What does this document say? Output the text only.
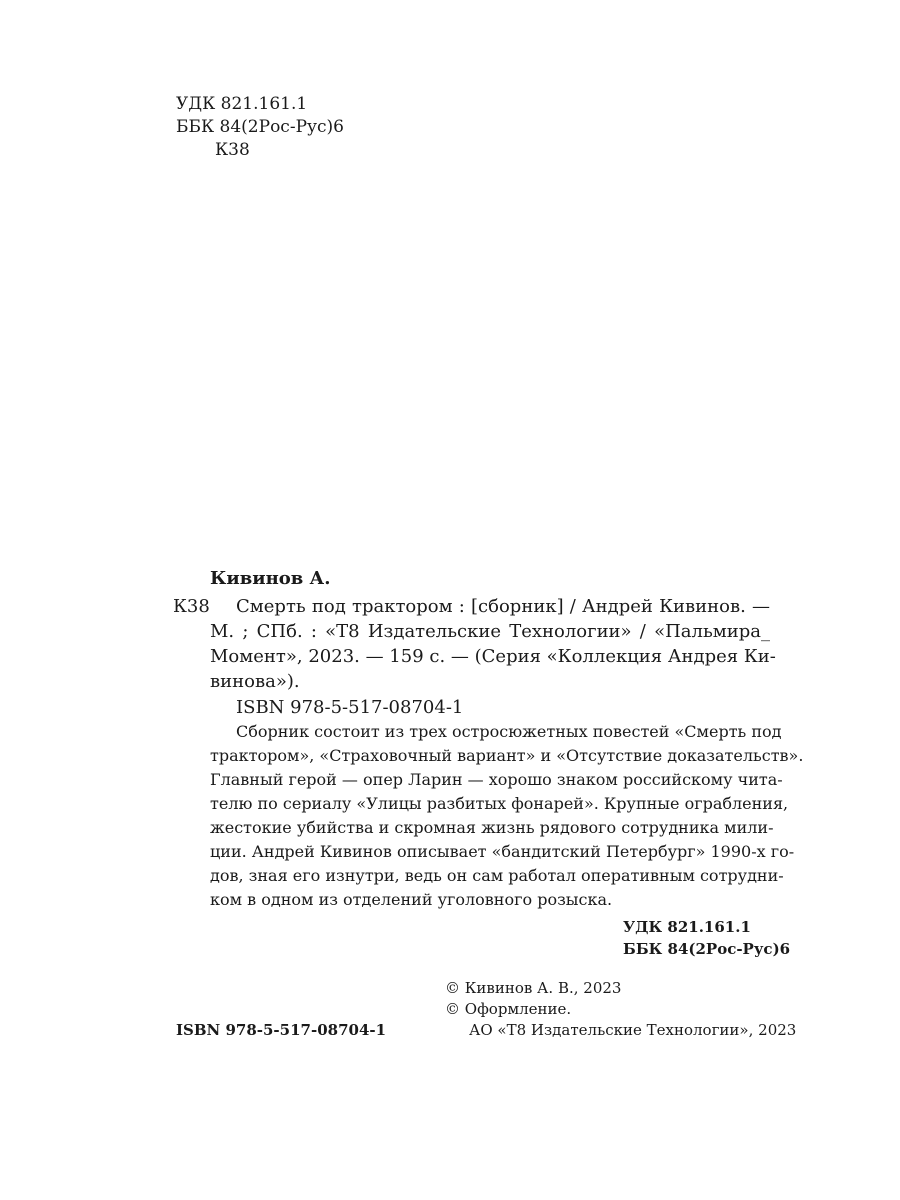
УДК 821.161.1
ББК 84(2Рос-Рус)6
К38
Кивинов А.
К38 Смерть под трактором : [сборник] / Андрей Кивинов. —
М. ; СПб. : «Т8 Издательские Технологии» / «Пальмира_
Момент», 2023. — 159 с. — (Серия «Коллекция Андрея Ки-
винова»).
ISBN 978-5-517-08704-1
Сборник состоит из трех остросюжетных повестей «Смерть под
трактором», «Страховочный вариант» и «Отсутствие доказательств».
Главный герой — опер Ларин — хорошо знаком российскому чита-
телю по сериалу «Улицы разбитых фонарей». Крупные ограбления,
жестокие убийства и скромная жизнь рядового сотрудника мили-
ции. Андрей Кивинов описывает «бандитский Петербург» 1990-х го-
дов, зная его изнутри, ведь он сам работал оперативным сотрудни-
ком в одном из отделений уголовного розыска.
УДК 821.161.1
ББК 84(2Рос-Рус)6
© Кивинов А. В., 2023
© Оформление.
АО «Т8 Издательские Технологии», 2023
ISBN 978-5-517-08704-1
